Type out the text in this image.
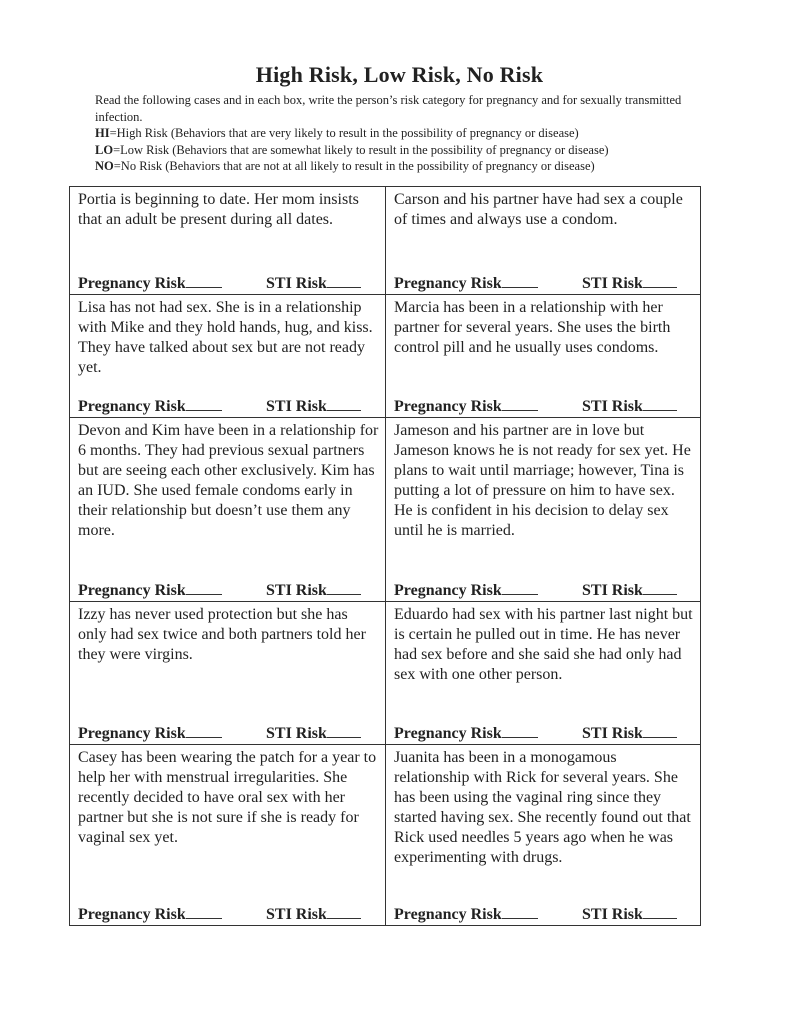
High Risk, Low Risk, No Risk

Read the following cases and in each box, write the person’s risk category for pregnancy and for sexually transmitted infection.

HI=High Risk (Behaviors that are very likely to result in the possibility of pregnancy or disease)

LO=Low Risk (Behaviors that are somewhat likely to result in the possibility of pregnancy or disease)

NO=No Risk (Behaviors that are not at all likely to result in the possibility of pregnancy or disease)

Portia is beginning to date. Her mom insists that an adult be present during all dates.

Pregnancy Risk	STI Risk

Carson and his partner have had sex a couple of times and always use a condom.

Pregnancy Risk	STI Risk

Lisa has not had sex. She is in a relationship with Mike and they hold hands, hug, and kiss. They have talked about sex but are not ready yet.

Pregnancy Risk	STI Risk

Marcia has been in a relationship with her partner for several years. She uses the birth control pill and he usually uses condoms.

Pregnancy Risk	STI Risk

Devon and Kim have been in a relationship for 6 months. They had previous sexual partners but are seeing each other exclusively. Kim has an IUD. She used female condoms early in their relationship but doesn’t use them any more.

Pregnancy Risk	STI Risk

Jameson and his partner are in love but Jameson knows he is not ready for sex yet. He plans to wait until marriage; however, Tina is putting a lot of pressure on him to have sex. He is confident in his decision to delay sex until he is married.

Pregnancy Risk	STI Risk

Izzy has never used protection but she has only had sex twice and both partners told her they were virgins.

Pregnancy Risk	STI Risk

Eduardo had sex with his partner last night but is certain he pulled out in time. He has never had sex before and she said she had only had sex with one other person.

Pregnancy Risk	STI Risk

Casey has been wearing the patch for a year to help her with menstrual irregularities. She recently decided to have oral sex with her partner but she is not sure if she is ready for vaginal sex yet.

Pregnancy Risk	STI Risk

Juanita has been in a monogamous relationship with Rick for several years. She has been using the vaginal ring since they started having sex. She recently found out that Rick used needles 5 years ago when he was experimenting with drugs.

Pregnancy Risk	STI Risk
